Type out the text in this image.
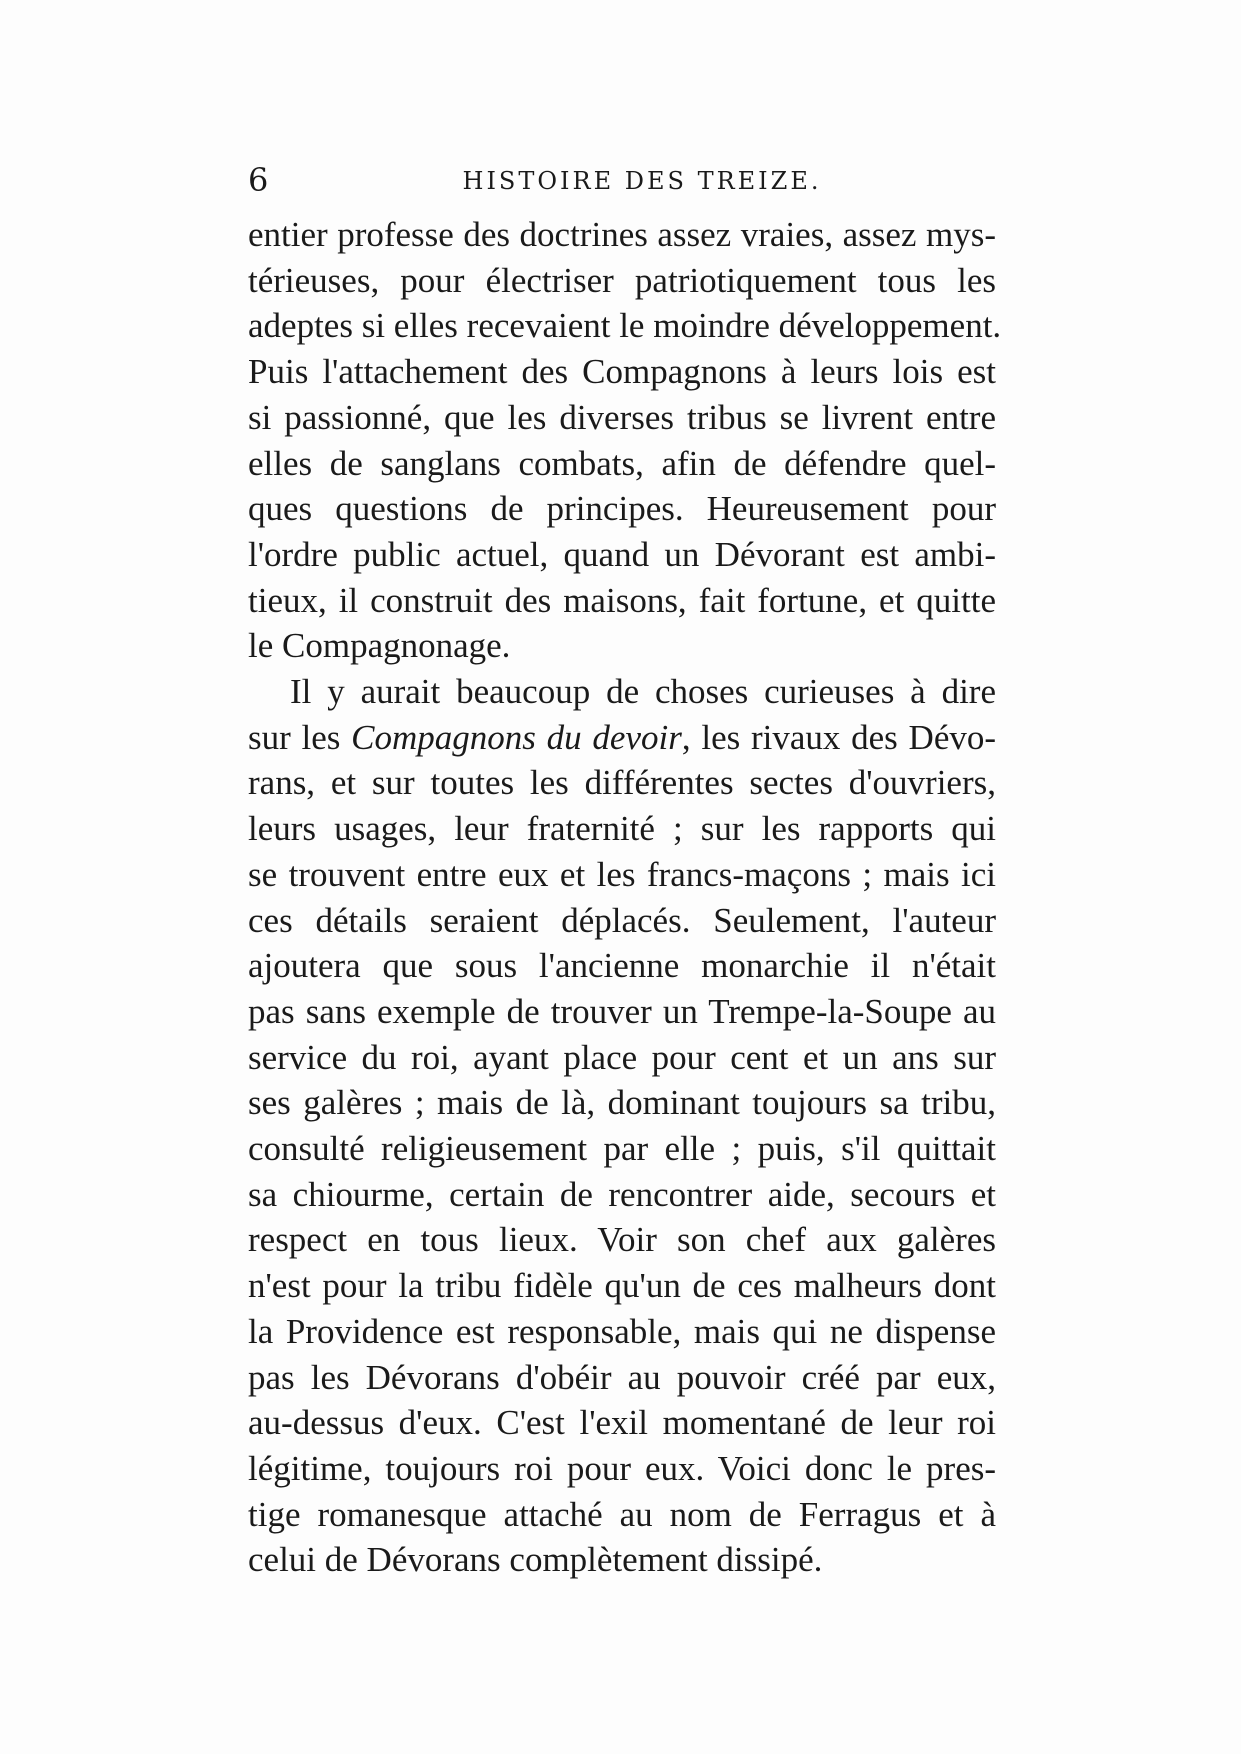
6	HISTOIRE DES TREIZE.
entier professe des doctrines assez vraies, assez mys-
térieuses, pour électriser patriotiquement tous les
adeptes si elles recevaient le moindre développement.
Puis l'attachement des Compagnons à leurs lois est
si passionné, que les diverses tribus se livrent entre
elles de sanglans combats, afin de défendre quel-
ques questions de principes. Heureusement pour
l'ordre public actuel, quand un Dévorant est ambi-
tieux, il construit des maisons, fait fortune, et quitte
le Compagnonage.
Il y aurait beaucoup de choses curieuses à dire
sur les Compagnons du devoir, les rivaux des Dévo-
rans, et sur toutes les différentes sectes d'ouvriers,
leurs usages, leur fraternité ; sur les rapports qui
se trouvent entre eux et les francs-maçons ; mais ici
ces détails seraient déplacés. Seulement, l'auteur
ajoutera que sous l'ancienne monarchie il n'était
pas sans exemple de trouver un Trempe-la-Soupe au
service du roi, ayant place pour cent et un ans sur
ses galères ; mais de là, dominant toujours sa tribu,
consulté religieusement par elle ; puis, s'il quittait
sa chiourme, certain de rencontrer aide, secours et
respect en tous lieux. Voir son chef aux galères
n'est pour la tribu fidèle qu'un de ces malheurs dont
la Providence est responsable, mais qui ne dispense
pas les Dévorans d'obéir au pouvoir créé par eux,
au-dessus d'eux. C'est l'exil momentané de leur roi
légitime, toujours roi pour eux. Voici donc le pres-
tige romanesque attaché au nom de Ferragus et à
celui de Dévorans complètement dissipé.
